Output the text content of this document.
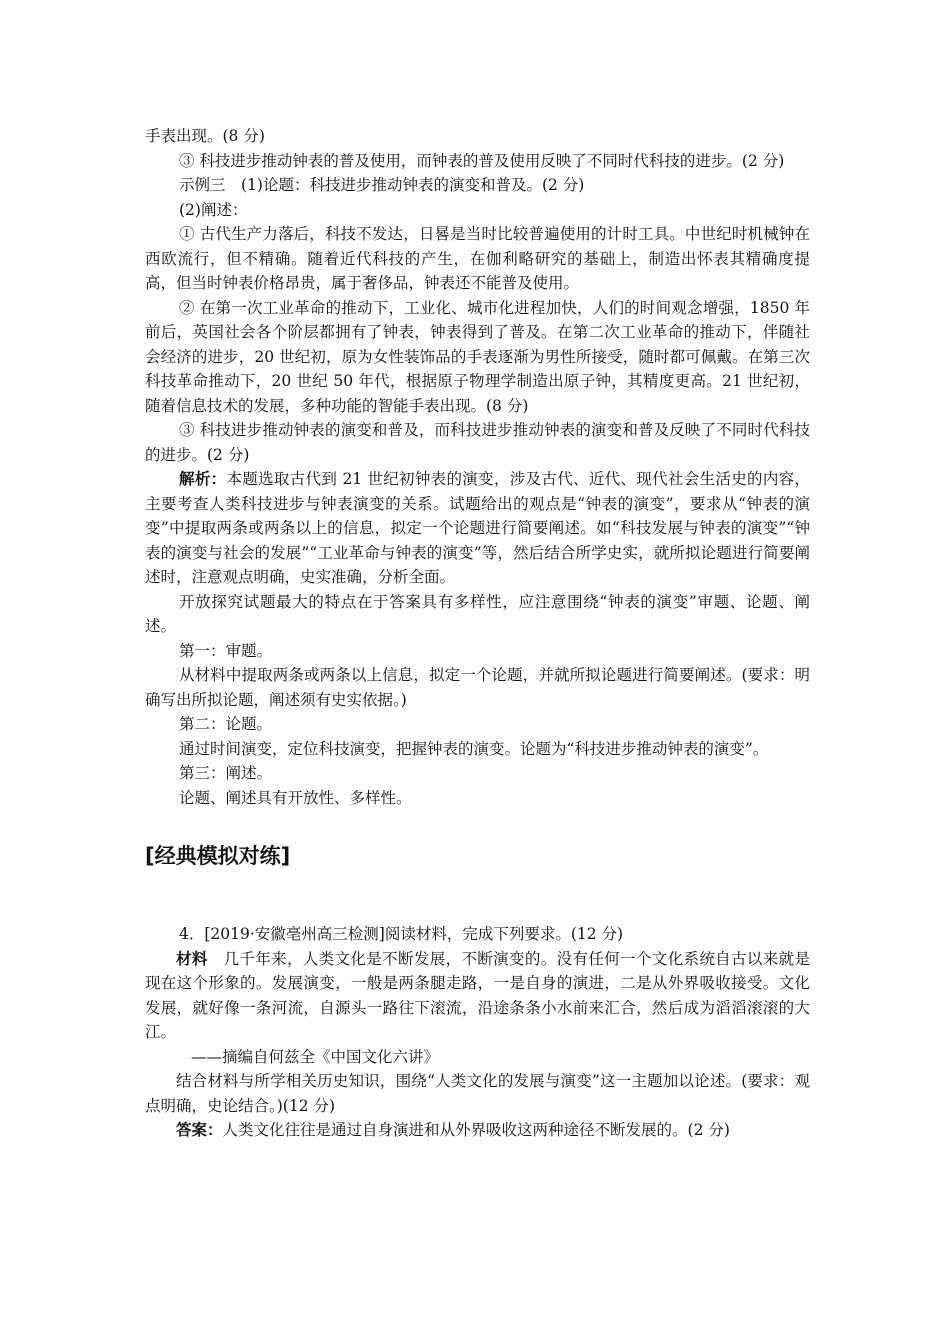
手表出现。(8 分)

③ 科技进步推动钟表的普及使用，而钟表的普及使用反映了不同时代科技的进步。(2 分)

示例三　(1)论题：科技进步推动钟表的演变和普及。(2 分)

(2)阐述：

① 古代生产力落后，科技不发达，日晷是当时比较普遍使用的计时工具。中世纪时机械钟在西欧流行，但不精确。随着近代科技的产生，在伽利略研究的基础上，制造出怀表其精确度提高，但当时钟表价格昂贵，属于奢侈品，钟表还不能普及使用。

② 在第一次工业革命的推动下，工业化、城市化进程加快，人们的时间观念增强，1850 年前后，英国社会各个阶层都拥有了钟表，钟表得到了普及。在第二次工业革命的推动下，伴随社会经济的进步，20 世纪初，原为女性装饰品的手表逐渐为男性所接受，随时都可佩戴。在第三次科技革命推动下，20 世纪 50 年代，根据原子物理学制造出原子钟，其精度更高。21 世纪初，随着信息技术的发展，多种功能的智能手表出现。(8 分)

③ 科技进步推动钟表的演变和普及，而科技进步推动钟表的演变和普及反映了不同时代科技的进步。(2 分)

解析：本题选取古代到 21 世纪初钟表的演变，涉及古代、近代、现代社会生活史的内容，主要考查人类科技进步与钟表演变的关系。试题给出的观点是“钟表的演变”，要求从“钟表的演变”中提取两条或两条以上的信息，拟定一个论题进行简要阐述。如“科技发展与钟表的演变”“钟表的演变与社会的发展”“工业革命与钟表的演变”等，然后结合所学史实，就所拟论题进行简要阐述时，注意观点明确，史实准确，分析全面。

开放探究试题最大的特点在于答案具有多样性，应注意围绕“钟表的演变”审题、论题、阐述。

第一：审题。

从材料中提取两条或两条以上信息，拟定一个论题，并就所拟论题进行简要阐述。(要求：明确写出所拟论题，阐述须有史实依据。)

第二：论题。

通过时间演变，定位科技演变，把握钟表的演变。论题为“科技进步推动钟表的演变”。

第三：阐述。

论题、阐述具有开放性、多样性。

[经典模拟对练]

4．[2019·安徽亳州高三检测]阅读材料，完成下列要求。(12 分)

材料　几千年来，人类文化是不断发展，不断演变的。没有任何一个文化系统自古以来就是现在这个形象的。发展演变，一般是两条腿走路，一是自身的演进，二是从外界吸收接受。文化发展，就好像一条河流，自源头一路往下滚流，沿途条条小水前来汇合，然后成为滔滔滚滚的大江。

——摘编自何兹全《中国文化六讲》

结合材料与所学相关历史知识，围绕“人类文化的发展与演变”这一主题加以论述。(要求：观点明确，史论结合。)(12 分)

答案：人类文化往往是通过自身演进和从外界吸收这两种途径不断发展的。(2 分)
